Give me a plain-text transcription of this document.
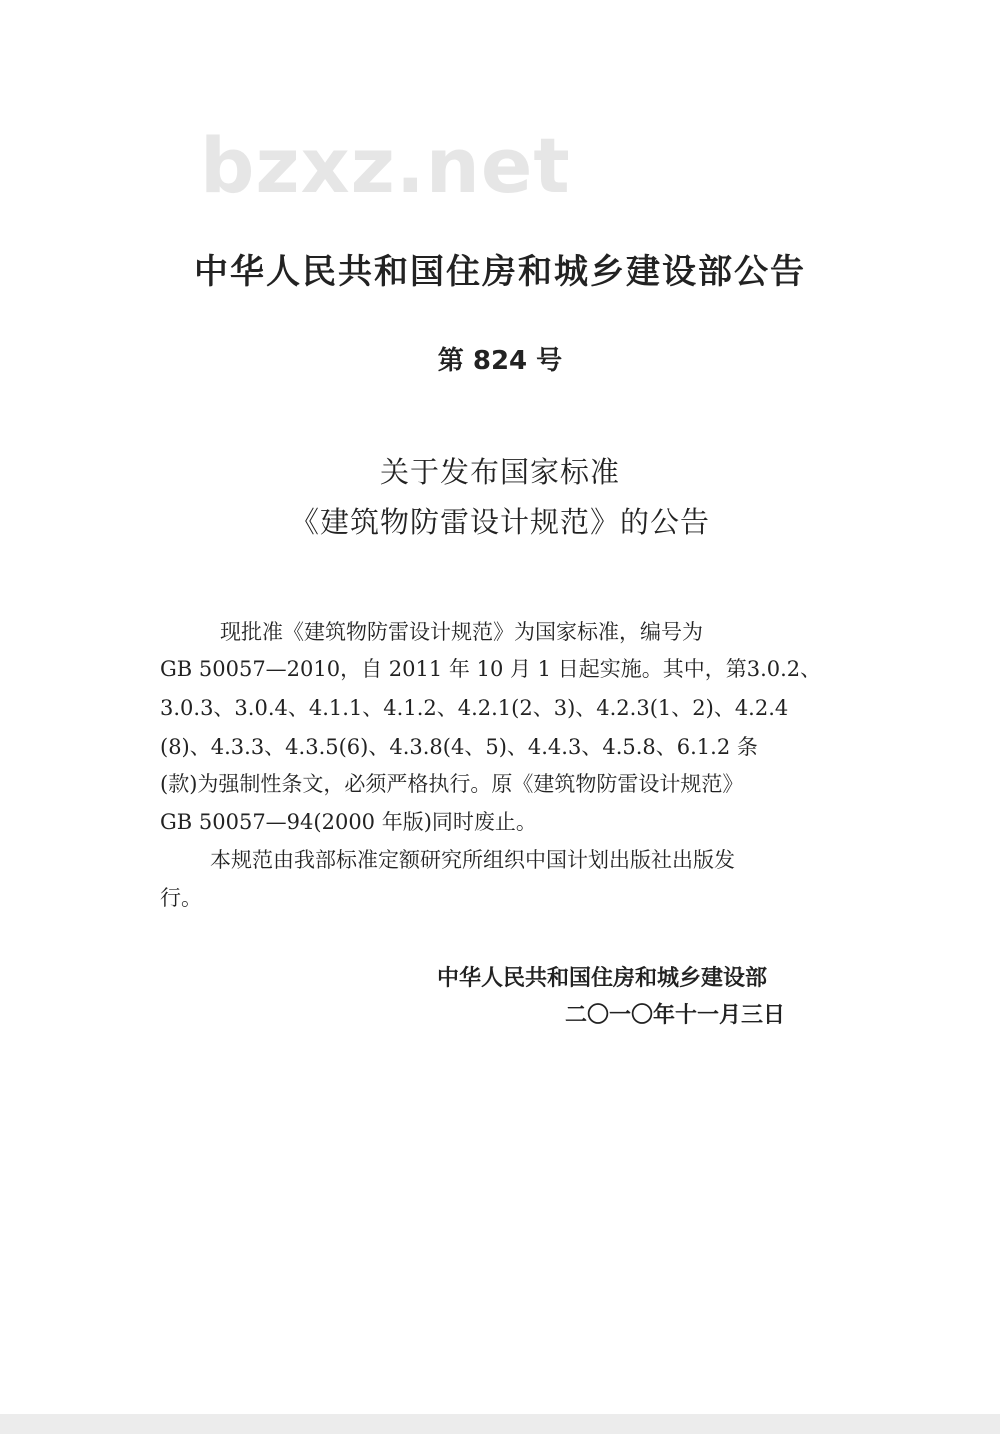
bzxz.net
中华人民共和国住房和城乡建设部公告
第 824 号
关于发布国家标准
《建筑物防雷设计规范》的公告
现批准《建筑物防雷设计规范》为国家标准，编号为
GB 50057—2010，自 2011 年 10 月 1 日起实施。其中，第3.0.2、
3.0.3、3.0.4、4.1.1、4.1.2、4.2.1(2、3)、4.2.3(1、2)、4.2.4
(8)、4.3.3、4.3.5(6)、4.3.8(4、5)、4.4.3、4.5.8、6.1.2 条
(款)为强制性条文，必须严格执行。原《建筑物防雷设计规范》
GB 50057—94(2000 年版)同时废止。
本规范由我部标准定额研究所组织中国计划出版社出版发
行。
中华人民共和国住房和城乡建设部
二〇一〇年十一月三日
